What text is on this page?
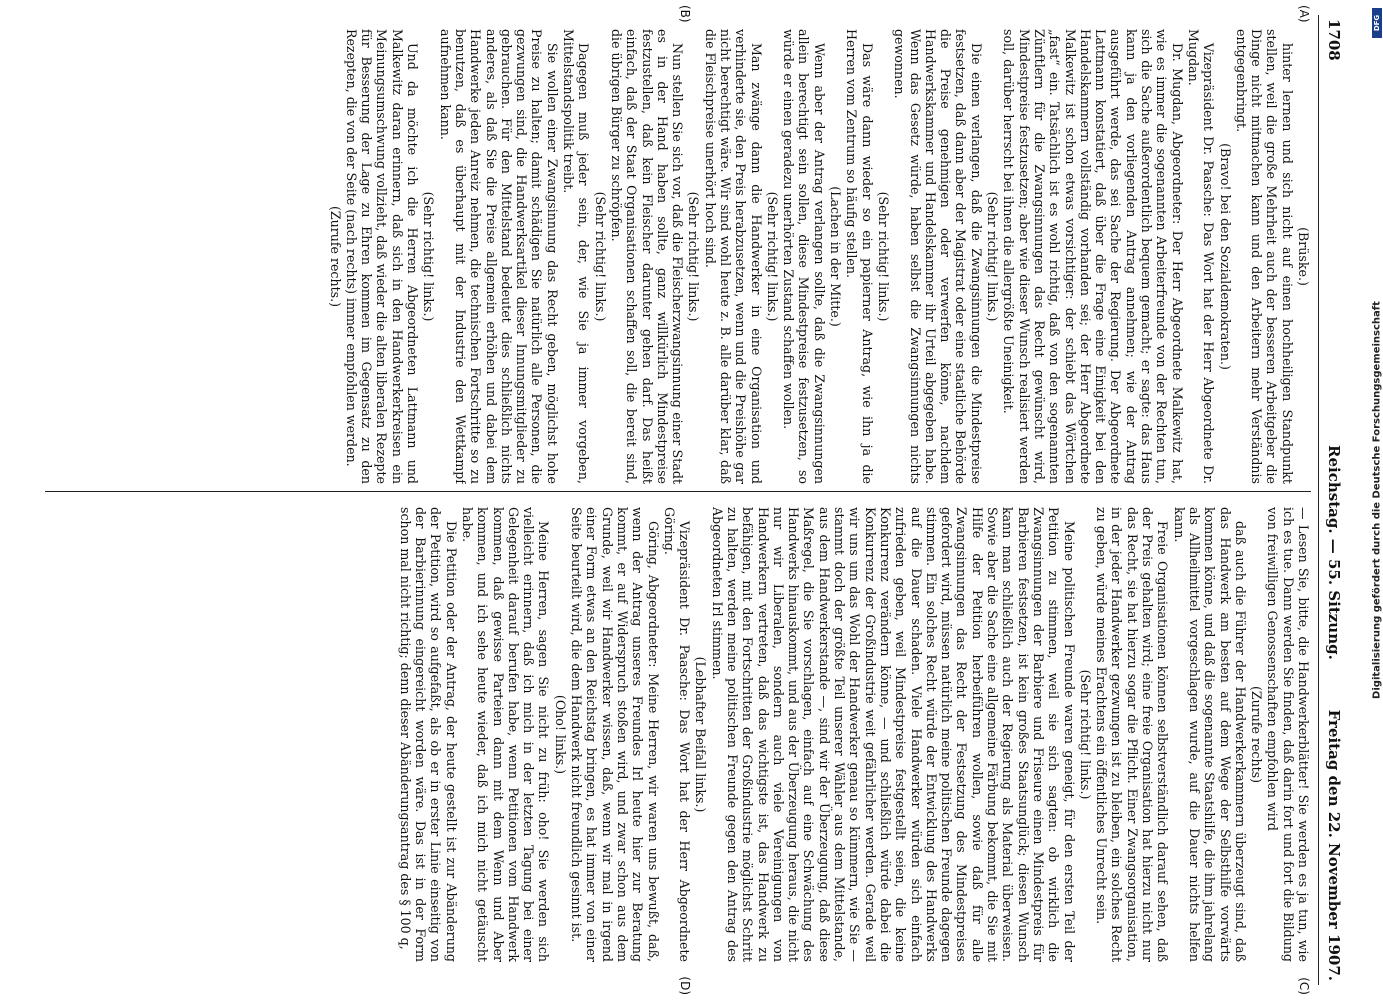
1708
Reichstag. — 55. Sitzung.
Freitag den 22. November 1907.
(A)
(B)
(C)
(D)

(Brüske.)

hinter lernen und sich nicht auf einen hochheiligen Standpunkt stellen, weil die große Mehrheit auch der besseren Arbeitgeber die Dinge nicht mitmachen kann und den Arbeitern mehr Verständnis entgegenbringt.

(Bravo! bei den Sozialdemokraten.)

Vizepräsident Dr. Paasche: Das Wort hat der Herr Abgeordnete Dr. Mugdan.

Dr. Mugdan, Abgeordneter: Der Herr Abgeordnete Malkewitz hat, wie es immer die sogenannten Arbeiterfreunde von der Rechten tun, sich die Sache außerordentlich bequem gemacht; er sagte: das Haus kann ja den vorliegenden Antrag annehmen; wie der Antrag ausgeführt werde, das sei Sache der Regierung. Der Abgeordnete Lattmann konstatiert, daß über die Frage eine Einigkeit bei den Handelskammern vollständig vorhanden sei; der Herr Abgeordnete Malkewitz ist schon etwas vorsichtiger: der schiebt das Wörtchen „fast“ ein. Tatsächlich ist es wohl richtig, daß von den sogenannten Zünftlern für die Zwangsinnungen das Recht gewünscht wird, Mindestpreise festzusetzen; aber wie dieser Wunsch realisiert werden soll, darüber herrscht bei ihnen die allergrößte Uneinigkeit.

(Sehr richtig! links.)

Die einen verlangen, daß die Zwangsinnungen die Mindestpreise festsetzen, daß dann aber der Magistrat oder eine staatliche Behörde die Preise genehmigen oder verwerfen könne, nachdem Handwerkskammer und Handelskammer ihr Urteil abgegeben habe. Wenn das Gesetz würde, haben selbst die Zwangsinnungen nichts gewonnen.

(Sehr richtig! links.)

Das wäre dann wieder so ein papierner Antrag, wie ihn ja die Herren vom Zentrum so häufig stellen.

(Lachen in der Mitte.)

Wenn aber der Antrag verlangen sollte, daß die Zwangsinnungen allein berechtigt sein sollen, diese Mindestpreise festzusetzen, so würde er einen geradezu unerhörten Zustand schaffen wollen.

(Sehr richtig! links.)

Man zwänge dann die Handwerker in eine Organisation und verhinderte sie, den Preis herabzusetzen, wenn und die Preishöhe gar nicht berechtigt wäre. Wir sind wohl heute z. B. alle darüber klar, daß die Fleischpreise unerhört hoch sind.

(Sehr richtig! links.)

Nun stellen Sie sich vor, daß die Fleischerzwangsinnung einer Stadt es in der Hand haben sollte, ganz willkürlich Mindestpreise festzustellen, daß kein Fleischer darunter gehen darf. Das heißt einfach, daß der Staat Organisationen schaffen soll, die bereit sind, die übrigen Bürger zu schröpfen.

(Sehr richtig! links.)

Dagegen muß jeder sein, der, wie Sie ja immer vorgeben, Mittelstandspolitik treibt.

Sie wollen einer Zwangsinnung das Recht geben, möglichst hohe Preise zu halten; damit schädigen Sie natürlich alle Personen, die gezwungen sind, die Handwerksartikel dieser Innungsmitglieder zu gebrauchen. Für den Mittelstand bedeutet dies schließlich nichts anderes, als daß Sie die Preise allgemein erhöhen und dabei dem Handwerke jeden Anreiz nehmen, die technischen Fortschritte so zu benutzen, daß es überhaupt mit der Industrie den Wettkampf aufnehmen kann.

(Sehr richtig! links.)

Und da möchte ich die Herren Abgeordneten Lattmann und Malkewitz daran erinnern, daß sich in den Handwerkerkreisen ein Meinungsumschwung vollzieht, daß wieder die alten liberalen Rezepte für Besserung der Lage zu Ehren kommen im Gegensatz zu den Rezepten, die von der Seite (nach rechts) immer empfohlen werden.

(Zurufe rechts.)

— Lesen Sie, bitte, die Handwerkerblätter! Sie werden es ja tun, wie ich es tue. Dann werden Sie finden, daß darin fort und fort die Bildung von freiwilligen Genossenschaften empfohlen wird

(Zurufe rechts)

daß auch die Führer der Handwerkerkammern überzeugt sind, daß das Handwerk am besten auf dem Wege der Selbsthilfe vorwärts kommen könne, und daß die sogenannte Staatshilfe, die ihm jahrelang als Allheilmittel vorgeschlagen wurde, auf die Dauer nichts helfen kann.

Freie Organisationen können selbstverständlich darauf sehen, daß der Preis gehalten wird; eine freie Organisation hat hierzu nicht nur das Recht, sie hat hierzu sogar die Pflicht. Einer Zwangsorganisation, in der jeder Handwerker gezwungen ist zu bleiben, ein solches Recht zu geben, würde meines Erachtens ein öffentliches Unrecht sein.

(Sehr richtig! links.)

Meine politischen Freunde waren geneigt, für den ersten Teil der Petition zu stimmen, weil sie sich sagten: ob wirklich die Zwangsinnungen der Barbiere und Friseure einen Mindestpreis für Barbieren festsetzen, ist kein großes Staatsunglück; diesen Wunsch kann man schließlich auch der Regierung als Material überweisen. Sowie aber die Sache eine allgemeine Färbung bekommt, die Sie mit Hilfe der Petition herbeiführen wollen, sowie daß für alle Zwangsinnungen das Recht der Festsetzung des Mindestpreises gefordert wird, müssen natürlich meine politischen Freunde dagegen stimmen. Ein solches Recht würde der Entwicklung des Handwerks auf die Dauer schaden. Viele Handwerker würden sich einfach zufrieden geben, weil Mindestpreise festgestellt seien, die keine Konkurrenz verändern könne, — und schließlich würde dabei die Konkurrenz der Großindustrie weit gefährlicher werden. Gerade weil wir uns um das Wohl der Handwerker genau so kümmern, wie Sie — stammt doch der größte Teil unserer Wähler aus dem Mittelstande, aus dem Handwerkerstande —, sind wir der Überzeugung, daß diese Maßregel, die Sie vorschlagen, einfach auf eine Schwächung des Handwerks hinauskommt, und aus der Überzeugung heraus, die nicht nur wir Liberalen, sondern auch viele Vereinigungen von Handwerkern vertreten, daß das wichtigste ist, das Handwerk zu befähigen, mit den Fortschritten der Großindustrie möglichst Schritt zu halten, werden meine politischen Freunde gegen den Antrag des Abgeordneten Irl stimmen.

(Lebhafter Beifall links.)

Vizepräsident Dr. Paasche: Das Wort hat der Herr Abgeordnete Göring.

Göring, Abgeordneter: Meine Herren, wir waren uns bewußt, daß, wenn der Antrag unseres Freundes Irl heute hier zur Beratung kommt, er auf Widerspruch stoßen wird, und zwar schon aus dem Grunde, weil wir Handwerker wissen, daß, wenn wir mal in irgend einer Form etwas an den Reichstag bringen, es hat immer von einer Seite beurteilt wird, die dem Handwerk nicht freundlich gesinnt ist.

(Oho! links.)

Meine Herren, sagen Sie nicht zu früh: oho! Sie werden sich vielleicht erinnern, daß ich mich in der letzten Tagung bei einer Gelegenheit darauf berufen habe, wenn Petitionen vom Handwerk kommen, daß gewisse Parteien dann mit dem Wenn und Aber kommen, und ich sehe heute wieder, daß ich mich nicht getäuscht habe.

Die Petition oder der Antrag, der heute gestellt ist zur Abänderung der Petition, wird so aufgefaßt, als ob er in erster Linie einseitig von der Barbierinnung eingereicht worden wäre. Das ist in der Form schon mal nicht richtig; denn dieser Abänderungsantrag des § 100 q,

Digitalisierung gefördert durch die Deutsche Forschungsgemeinschaft
DFG
